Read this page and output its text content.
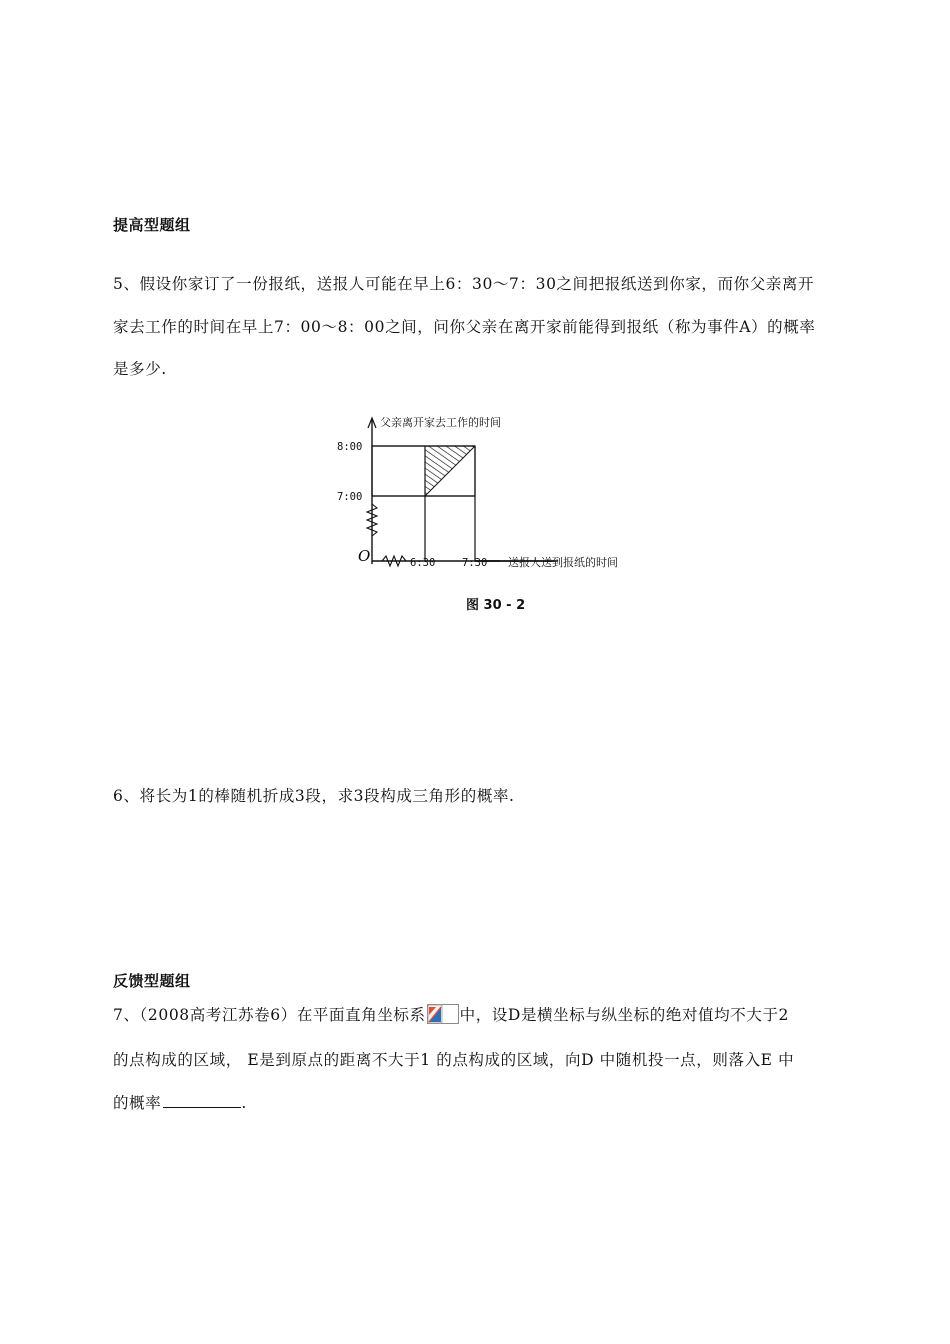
提高型题组
5、假设你家订了一份报纸，送报人可能在早上6：30～7：30之间把报纸送到你家，而你父亲离开
家去工作的时间在早上7：00～8：00之间，问你父亲在离开家前能得到报纸（称为事件A）的概率
是多少.
父亲离开家去工作的时间
8:00
7:00
6:30	7:30 送报人送到报纸的时间
O
图 30 - 2
6、将长为1的棒随机折成3段，求3段构成三角形的概率.
反馈型题组
7、（2008高考江苏卷6）在平面直角坐标系 中，设D是横坐标与纵坐标的绝对值均不大于2
的点构成的区域， E是到原点的距离不大于1 的点构成的区域，向D 中随机投一点，则落入E 中
的概率	.
